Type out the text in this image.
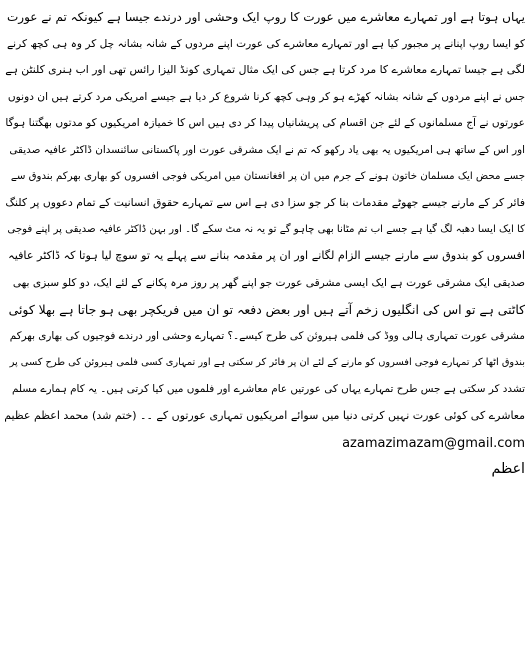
یہاں ہوتا ہے اور تمہارے معاشرے میں عورت کا روپ ایک وحشی اور درندے جیسا ہے کیونکہ تم نے عورت
کو ایسا روپ اپنانے پر مجبور کیا ہے اور تمہارے معاشرے کی عورت اپنے مردوں کے شانہ بشانہ چل کر وہ ہی کچھ کرنے
لگی ہے جیسا تمہارے معاشرے کا مرد کرتا ہے جس کی ایک مثال تمہاری کونڈ الیزا رائس تھی اور اب ہنری کلنٹن ہے
جس نے اپنے مردوں کے شانہ بشانہ کھڑے ہو کر وہی کچھ کرنا شروع کر دیا ہے جیسے امریکی مرد کرتے ہیں ان دونوں
عورتوں نے آج مسلمانوں کے لئے جن اقسام کی پریشانیاں پیدا کر دی ہیں اس کا خمیازہ امریکیوں کو مدتوں بھگتنا ہوگا
اور اس کے ساتھ ہی امریکیوں یہ بھی یاد رکھو کہ تم نے ایک مشرقی عورت اور پاکستانی سائنسدان ڈاکٹر عافیہ صدیقی
جسے محض ایک مسلمان خاتون ہونے کے جرم میں ان پر افغانستان میں امریکی فوجی افسروں کو بھاری بھرکم بندوق سے
فائر کر کے مارنے جیسے جھوٹے مقدمات بنا کر جو سزا دی ہے اس سے تمہارے حقوق انسانیت کے تمام دعووں پر کلنگ
کا ایک ایسا دھبہ لگ گیا ہے جسے اب تم مٹانا بھی چاہو گے تو یہ نہ مٹ سکے گا۔ اور بہن ڈاکٹر عافیہ صدیقی پر اپنے فوجی
افسروں کو بندوق سے مارنے جیسے الزام لگانے اور ان پر مقدمہ بنانے سے پہلے یہ تو سوچ لیا ہوتا کہ ڈاکٹر عافیہ
صدیقی ایک مشرقی عورت ہے ایک ایسی مشرقی عورت جو اپنے گھر پر روز مرہ پکانے کے لئے ایک، دو کلو سبزی بھی
کاٹتی ہے تو اس کی انگلیوں زخم آتے ہیں اور بعض دفعہ تو ان میں فریکچر بھی ہو جاتا ہے بھلا کوئی
مشرقی عورت تمہاری ہالی ووڈ کی فلمی ہیروئن کی طرح کیسے۔؟ تمہارے وحشی اور درندے فوجیوں کی بھاری بھرکم
بندوق اٹھا کر تمہارے فوجی افسروں کو مارنے کے لئے ان پر فائر کر سکتی ہے اور تمہاری کسی فلمی ہیروئن کی طرح کسی پر
تشدد کر سکتی ہے جس طرح تمہارے یہاں کی عورتیں عام معاشرے اور فلموں میں کیا کرتی ہیں۔ یہ کام ہمارے مسلم
معاشرے کی کوئی عورت نہیں کرتی دنیا میں سوائے امریکیوں تمہاری عورتوں کے ۔۔ (ختم شد) محمد اعظم عظیم
azamazimazam@gmail.com
اعظم
